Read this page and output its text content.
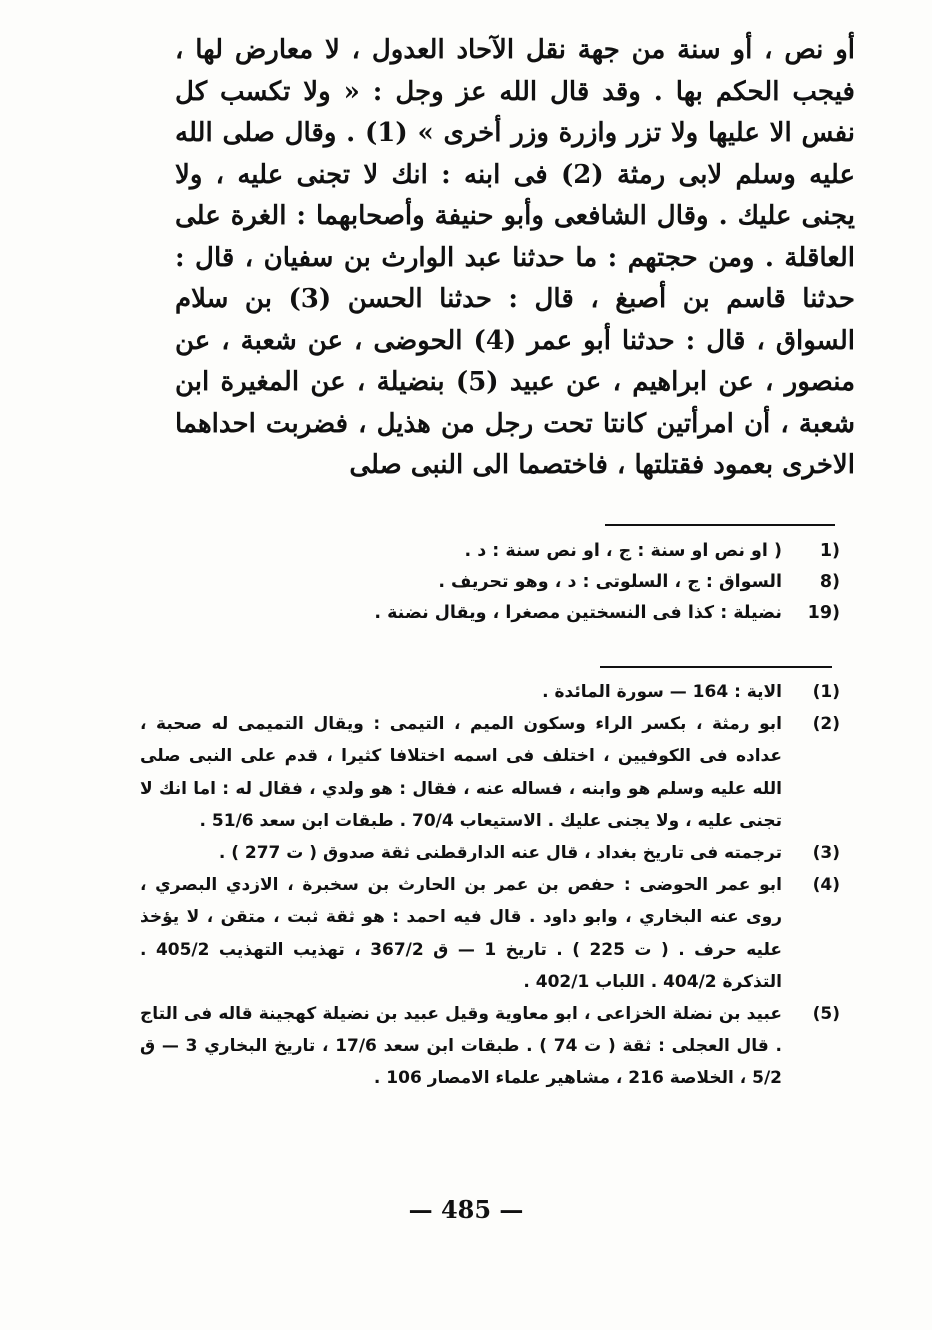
أو نص ، أو سنة من جهة نقل الآحاد العدول ، لا معارض لها ، فيجب الحكم بها . وقد قال الله عز وجل : « ولا تكسب كل نفس الا عليها ولا تزر وازرة وزر أخرى » (1) . وقال صلى الله عليه وسلم لابى رمثة (2) فى ابنه : انك لا تجنى عليه ، ولا يجنى عليك . وقال الشافعى وأبو حنيفة وأصحابهما : الغرة على العاقلة . ومن حجتهم : ما حدثنا عبد الوارث بن سفيان ، قال : حدثنا قاسم بن أصبغ ، قال : حدثنا الحسن (3) بن سلام السواق ، قال : حدثنا أبو عمر (4) الحوضى ، عن شعبة ، عن منصور ، عن ابراهيم ، عن عبيد (5) بنضيلة ، عن المغيرة ابن شعبة ، أن امرأتين كانتا تحت رجل من هذيل ، فضربت احداهما الاخرى بعمود فقتلتها ، فاختصما الى النبى صلى

1)
( او نص او سنة : ج ، او نص سنة : د .
8)
السواق : ج ، السلوتى : د ، وهو تحريف .
19)
نضيلة : كذا فى النسختين مصغرا ، ويقال نضنة .
(1)
الاية : 164 — سورة المائدة .
(2)
ابو رمثة ، بكسر الراء وسكون الميم ، التيمى : ويقال التميمى له صحبة ، عداده فى الكوفيين ، اختلف فى اسمه اختلافا كثيرا ، قدم على النبى صلى الله عليه وسلم هو وابنه ، فساله عنه ، فقال : هو ولدي ، فقال له : اما انك لا تجنى عليه ، ولا يجنى عليك . الاستيعاب 70/4 . طبقات ابن سعد 51/6 .
(3)
ترجمته فى تاريخ بغداد ، قال عنه الدارقطنى ثقة صدوق ( ت 277 ) .
(4)
ابو عمر الحوضى : حفص بن عمر بن الحارث بن سخبرة ، الازدي البصري ، روى عنه البخاري ، وابو داود . قال فيه احمد : هو ثقة ثبت ، متقن ، لا يؤخذ عليه حرف . ( ت 225 ) . تاريخ 1 — ق 367/2 ، تهذيب التهذيب 405/2 . التذكرة 404/2 . اللباب 402/1 .
(5)
عبيد بن نضلة الخزاعى ، ابو معاوية وقيل عبيد بن نضيلة كهجينة قاله فى التاج . قال العجلى : ثقة ( ت 74 ) . طبقات ابن سعد 17/6 ، تاريخ البخاري 3 — ق 5/2 ، الخلاصة 216 ، مشاهير علماء الامصار 106 .
— 485 —
